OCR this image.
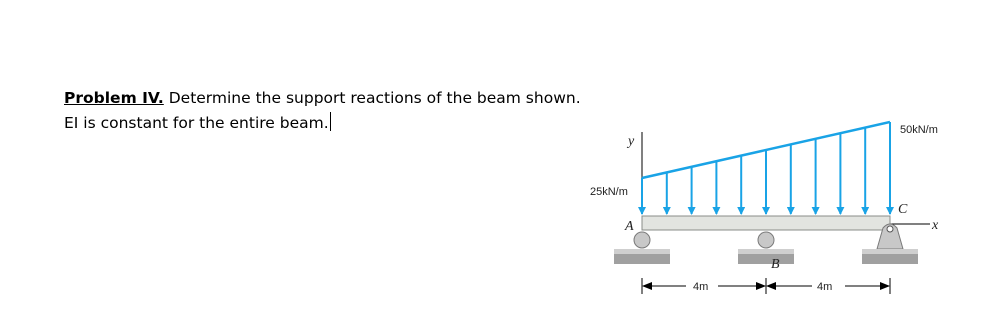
Problem IV. Determine the support reactions of the beam shown.
EI is constant for the entire beam.
y
x
A
B
C
25kN/m
50kN/m
4m	4m
